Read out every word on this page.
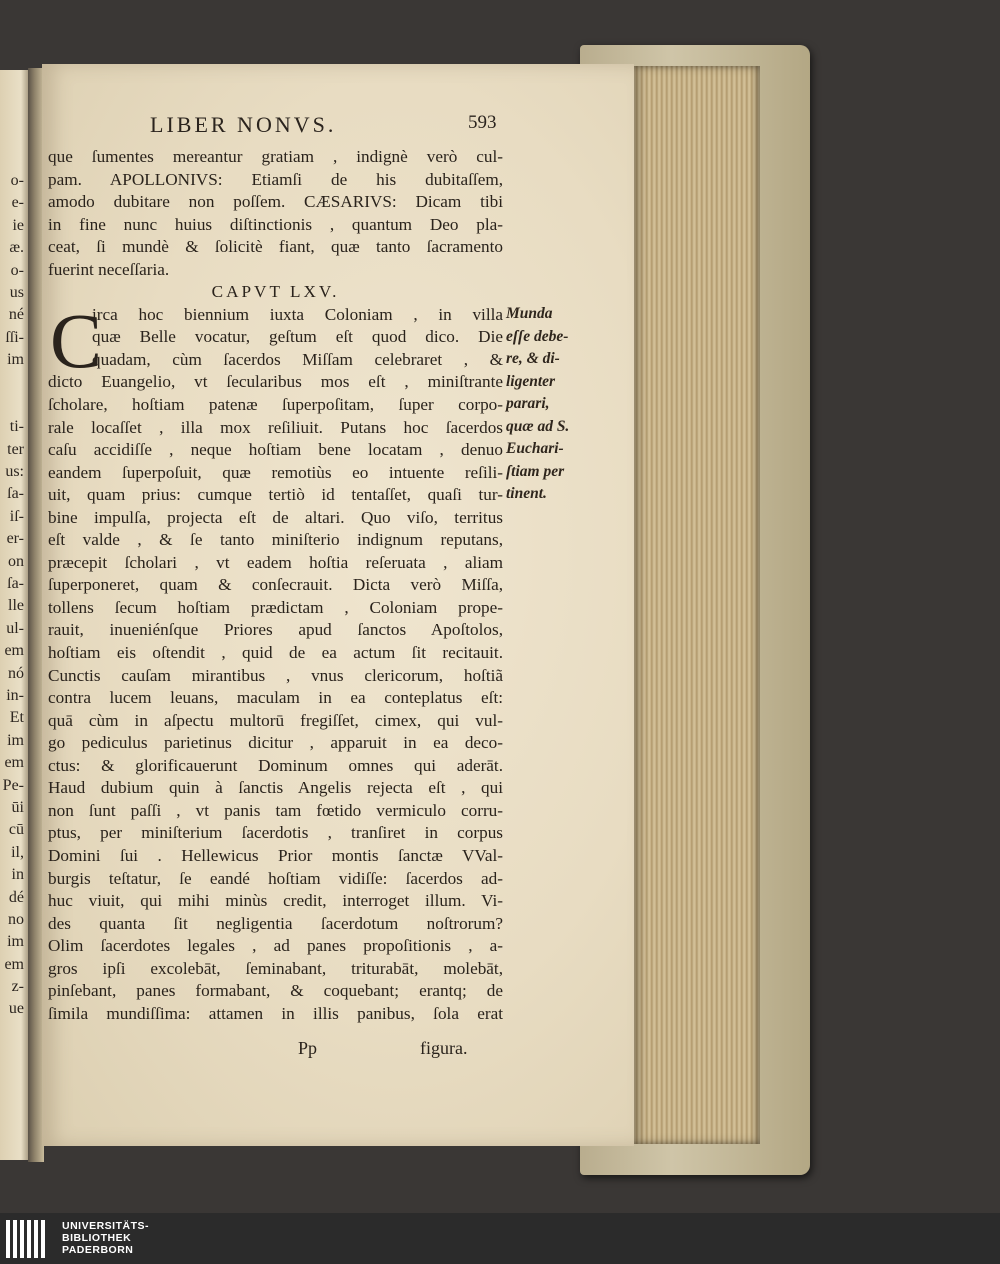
o-
e-
ie
æ.
o-
us
né
ſſi-
im
ti-
ter
us:
ſa-
iſ-
er-
on
ſa-
lle
ul-
em
nó
in-
Et
im
em
Pe-
ūi
cū
il,
in
dé
no
im
em
z-
ue
LIBER NONVS.	593
que ſumentes mereantur gratiam , indignè verò cul-
pam. APOLLONIVS: Etiamſi de his dubitaſſem,
amodo dubitare non poſſem. CÆSARIVS: Dicam tibi
in fine nunc huius diſtinctionis , quantum Deo pla-
ceat, ſi mundè & ſolicitè fiant, quæ tanto ſacramento
fuerint neceſſaria.
CAPVT LXV.
irca hoc biennium iuxta Coloniam , in villa
quæ Belle vocatur, geſtum eſt quod dico. Die
quadam, cùm ſacerdos Miſſam celebraret , &
dicto Euangelio, vt ſecularibus mos eſt , miniſtrante
ſcholare, hoſtiam patenæ ſuperpoſitam, ſuper corpo-
rale locaſſet , illa mox reſiliuit. Putans hoc ſacerdos
caſu accidiſſe , neque hoſtiam bene locatam , denuo
eandem ſuperpoſuit, quæ remotiùs eo intuente reſili-
uit, quam prius: cumque tertiò id tentaſſet, quaſi tur-
bine impulſa, projecta eſt de altari. Quo viſo, territus
eſt valde , & ſe tanto miniſterio indignum reputans,
præcepit ſcholari , vt eadem hoſtia reſeruata , aliam
ſuperponeret, quam & conſecrauit. Dicta verò Miſſa,
tollens ſecum hoſtiam prædictam , Coloniam prope-
rauit, inueniénſque Priores apud ſanctos Apoſtolos,
hoſtiam eis oſtendit , quid de ea actum ſit recitauit.
Cunctis cauſam mirantibus , vnus clericorum, hoſtiã
contra lucem leuans, maculam in ea conteplatus eſt:
quā cùm in aſpectu multorū fregiſſet, cimex, qui vul-
go pediculus parietinus dicitur , apparuit in ea deco-
ctus: & glorificauerunt Dominum omnes qui aderāt.
Haud dubium quin à ſanctis Angelis rejecta eſt , qui
non ſunt paſſi , vt panis tam fœtido vermiculo corru-
ptus, per miniſterium ſacerdotis , tranſiret in corpus
Domini ſui . Hellewicus Prior montis ſanctæ VVal-
burgis teſtatur, ſe eandé hoſtiam vidiſſe: ſacerdos ad-
huc viuit, qui mihi minùs credit, interroget illum. Vi-
des quanta ſit negligentia ſacerdotum noſtrorum?
Olim ſacerdotes legales , ad panes propoſitionis , a-
gros ipſi excolebāt, ſeminabant, triturabāt, molebāt,
pinſebant, panes formabant, & coquebant; erantq; de
ſimila mundiſſima: attamen in illis panibus, ſola erat
C	Munda
eſſe debe-
re, & di-
ligenter
parari,
quæ ad S.
Euchari-
ſtiam per
tinent.
Pp	figura.
UNIVERSITÄTS-
BIBLIOTHEK
PADERBORN
